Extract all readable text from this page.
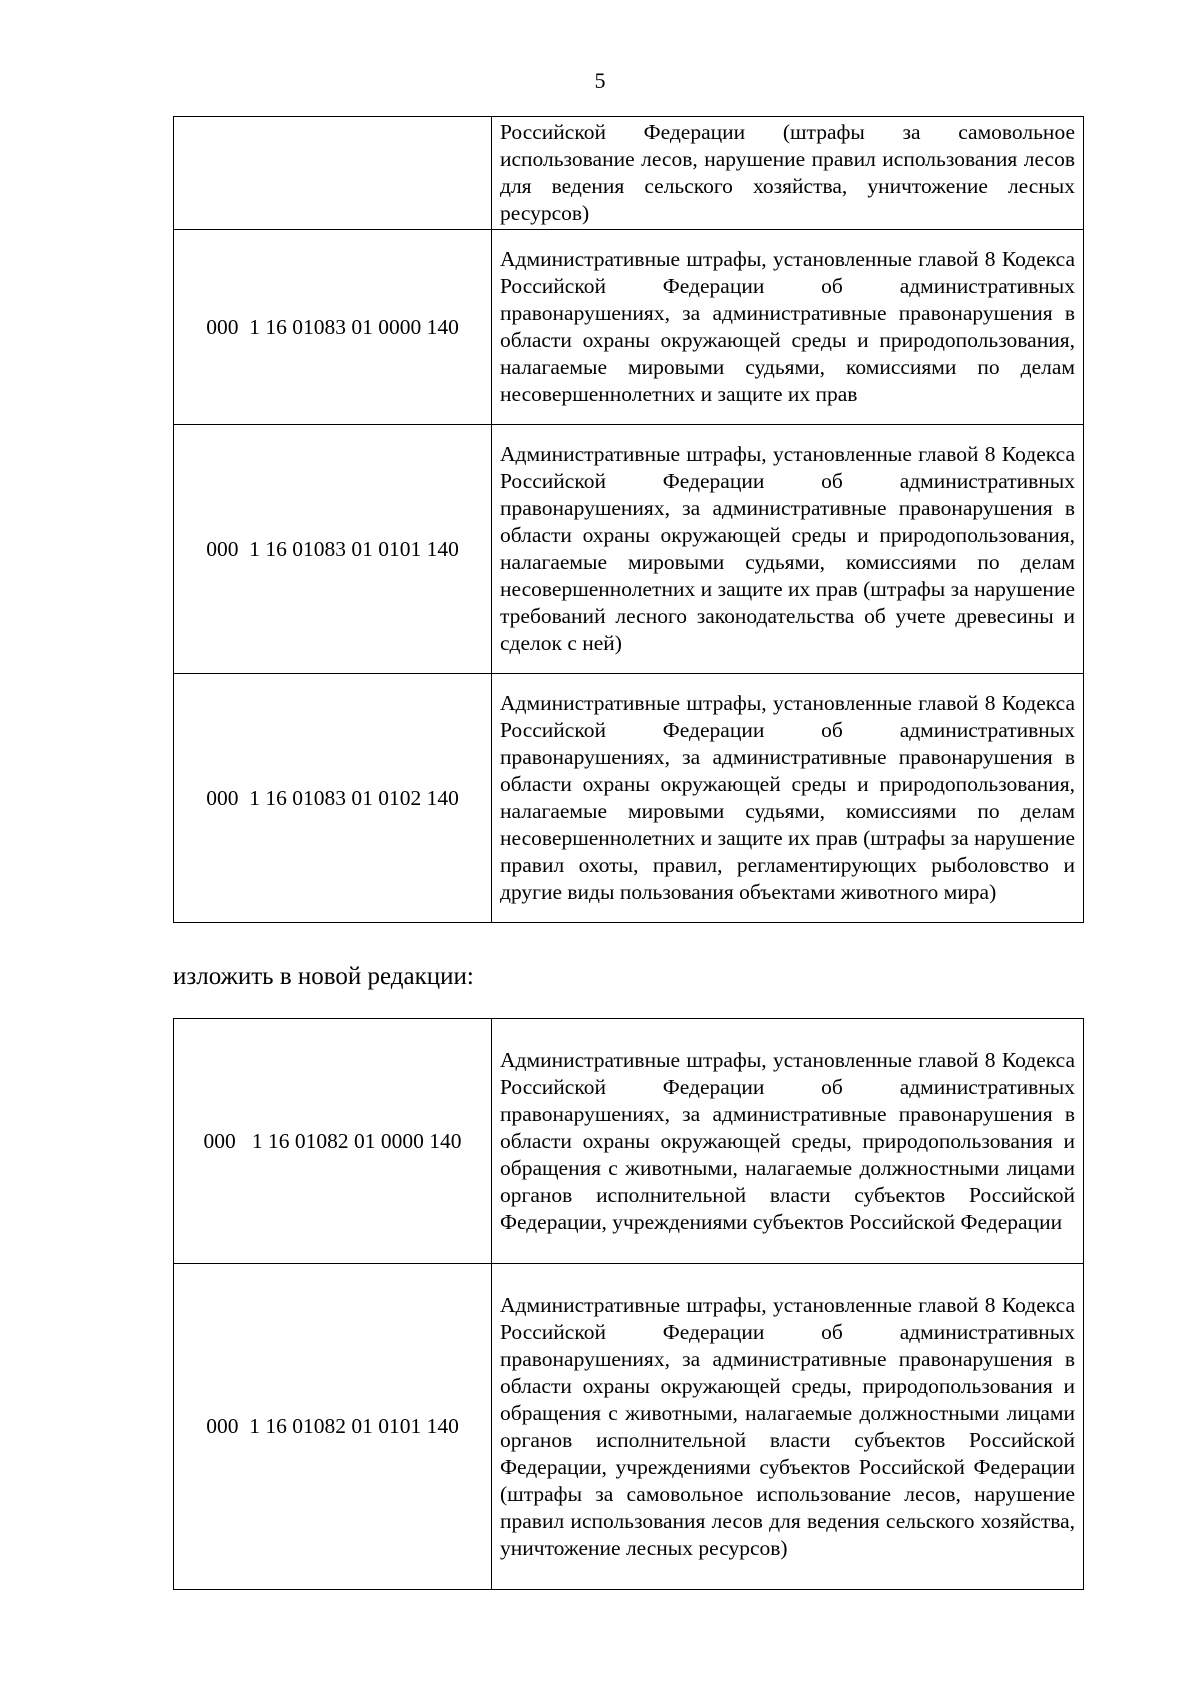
5
	Российской Федерации (штрафы за самовольное использование лесов, нарушение правил использования лесов для ведения сельского хозяйства, уничтожение лесных ресурсов)
000  1 16 01083 01 0000 140	Административные штрафы, установленные главой 8 Кодекса Российской Федерации об административных правонарушениях, за административные правонарушения в области охраны окружающей среды и природопользования, налагаемые мировыми судьями, комиссиями по делам несовершеннолетних и защите их прав
000  1 16 01083 01 0101 140	Административные штрафы, установленные главой 8 Кодекса Российской Федерации об административных правонарушениях, за административные правонарушения в области охраны окружающей среды и природопользования, налагаемые мировыми судьями, комиссиями по делам несовершеннолетних и защите их прав (штрафы за нарушение требований лесного законодательства об учете древесины и сделок с ней)
000  1 16 01083 01 0102 140	Административные штрафы, установленные главой 8 Кодекса Российской Федерации об административных правонарушениях, за административные правонарушения в области охраны окружающей среды и природопользования, налагаемые мировыми судьями, комиссиями по делам несовершеннолетних и защите их прав (штрафы за нарушение правил охоты, правил, регламентирующих рыболовство и другие виды пользования объектами животного мира)
изложить в новой редакции:
000   1 16 01082 01 0000 140	Административные штрафы, установленные главой 8 Кодекса Российской Федерации об административных правонарушениях, за административные правонарушения в области охраны окружающей среды, природопользования и обращения с животными, налагаемые должностными лицами органов исполнительной власти субъектов Российской Федерации, учреждениями субъектов Российской Федерации
000  1 16 01082 01 0101 140	Административные штрафы, установленные главой 8 Кодекса Российской Федерации об административных правонарушениях, за административные правонарушения в области охраны окружающей среды, природопользования и обращения с животными, налагаемые должностными лицами органов исполнительной власти субъектов Российской Федерации, учреждениями субъектов Российской Федерации (штрафы за самовольное использование лесов, нарушение правил использования лесов для ведения сельского хозяйства, уничтожение лесных ресурсов)
